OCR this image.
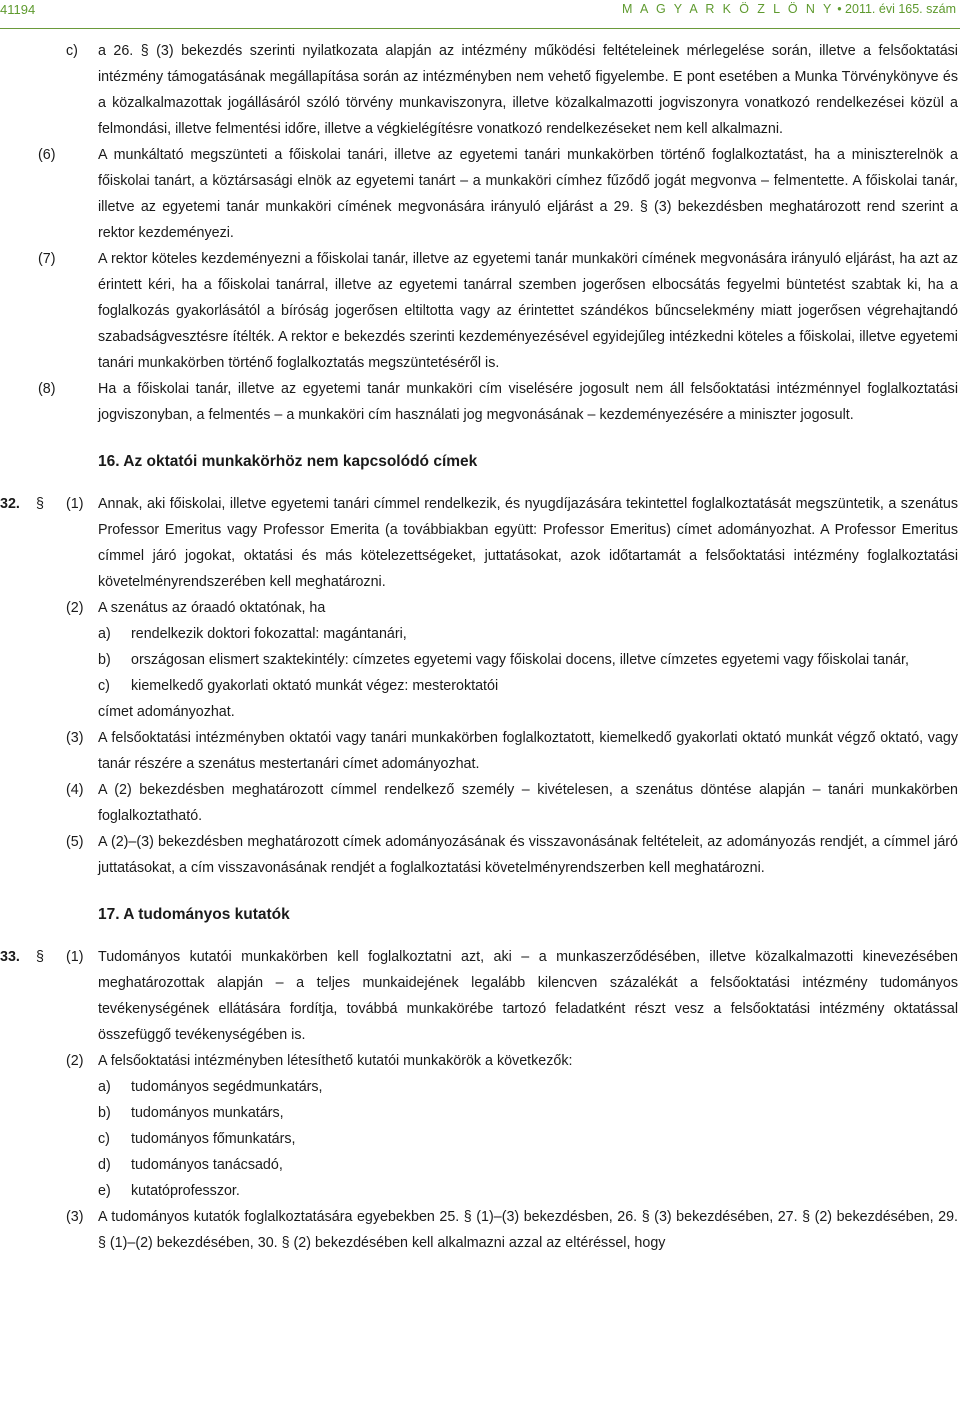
41194	M A G Y A R K Ö Z L Ö N Y • 2011. évi 165. szám
c) a 26. § (3) bekezdés szerinti nyilatkozata alapján az intézmény működési feltételeinek mérlegelése során, illetve a felsőoktatási intézmény támogatásának megállapítása során az intézményben nem vehető figyelembe. E pont esetében a Munka Törvénykönyve és a közalkalmazottak jogállásáról szóló törvény munkaviszonyra, illetve közalkalmazotti jogviszonyra vonatkozó rendelkezései közül a felmondási, illetve felmentési időre, illetve a végkielégítésre vonatkozó rendelkezéseket nem kell alkalmazni.
(6)	A munkáltató megszünteti a főiskolai tanári, illetve az egyetemi tanári munkakörben történő foglalkoztatást, ha a miniszterelnök a főiskolai tanárt, a köztársasági elnök az egyetemi tanárt – a munkaköri címhez fűződő jogát megvonva – felmentette. A főiskolai tanár, illetve az egyetemi tanár munkaköri címének megvonására irányuló eljárást a 29. § (3) bekezdésben meghatározott rend szerint a rektor kezdeményezi.
(7)	A rektor köteles kezdeményezni a főiskolai tanár, illetve az egyetemi tanár munkaköri címének megvonására irányuló eljárást, ha azt az érintett kéri, ha a főiskolai tanárral, illetve az egyetemi tanárral szemben jogerősen elbocsátás fegyelmi büntetést szabtak ki, ha a foglalkozás gyakorlásától a bíróság jogerősen eltiltotta vagy az érintettet szándékos bűncselekmény miatt jogerősen végrehajtandó szabadságvesztésre ítélték. A rektor e bekezdés szerinti kezdeményezésével egyidejűleg intézkedni köteles a főiskolai, illetve egyetemi tanári munkakörben történő foglalkoztatás megszüntetéséről is.
(8)	Ha a főiskolai tanár, illetve az egyetemi tanár munkaköri cím viselésére jogosult nem áll felsőoktatási intézménnyel foglalkoztatási jogviszonyban, a felmentés – a munkaköri cím használati jog megvonásának – kezdeményezésére a miniszter jogosult.
16. Az oktatói munkakörhöz nem kapcsolódó címek
32. § (1) Annak, aki főiskolai, illetve egyetemi tanári címmel rendelkezik, és nyugdíjazására tekintettel foglalkoztatását megszüntetik, a szenátus Professor Emeritus vagy Professor Emerita (a továbbiakban együtt: Professor Emeritus) címet adományozhat. A Professor Emeritus címmel járó jogokat, oktatási és más kötelezettségeket, juttatásokat, azok időtartamát a felsőoktatási intézmény foglalkoztatási követelményrendszerében kell meghatározni.
(2) A szenátus az óraadó oktatónak, ha
a) rendelkezik doktori fokozattal: magántanári,
b) országosan elismert szaktekintély: címzetes egyetemi vagy főiskolai docens, illetve címzetes egyetemi vagy főiskolai tanár,
c) kiemelkedő gyakorlati oktató munkát végez: mesteroktatói
címet adományozhat.
(3) A felsőoktatási intézményben oktatói vagy tanári munkakörben foglalkoztatott, kiemelkedő gyakorlati oktató munkát végző oktató, vagy tanár részére a szenátus mestertanári címet adományozhat.
(4) A (2) bekezdésben meghatározott címmel rendelkező személy – kivételesen, a szenátus döntése alapján – tanári munkakörben foglalkoztatható.
(5) A (2)–(3) bekezdésben meghatározott címek adományozásának és visszavonásának feltételeit, az adományozás rendjét, a címmel járó juttatásokat, a cím visszavonásának rendjét a foglalkoztatási követelményrendszerben kell meghatározni.
17. A tudományos kutatók
33. § (1) Tudományos kutatói munkakörben kell foglalkoztatni azt, aki – a munkaszerződésében, illetve közalkalmazotti kinevezésében meghatározottak alapján – a teljes munkaidejének legalább kilencven százalékát a felsőoktatási intézmény tudományos tevékenységének ellátására fordítja, továbbá munkakörébe tartozó feladatként részt vesz a felsőoktatási intézmény oktatással összefüggő tevékenységében is.
(2) A felsőoktatási intézményben létesíthető kutatói munkakörök a következők:
a) tudományos segédmunkatárs,
b) tudományos munkatárs,
c) tudományos főmunkatárs,
d) tudományos tanácsadó,
e) kutatóprofesszor.
(3) A tudományos kutatók foglalkoztatására egyebekben 25. § (1)–(3) bekezdésben, 26. § (3) bekezdésében, 27. § (2) bekezdésében, 29. § (1)–(2) bekezdésében, 30. § (2) bekezdésében kell alkalmazni azzal az eltéréssel, hogy
